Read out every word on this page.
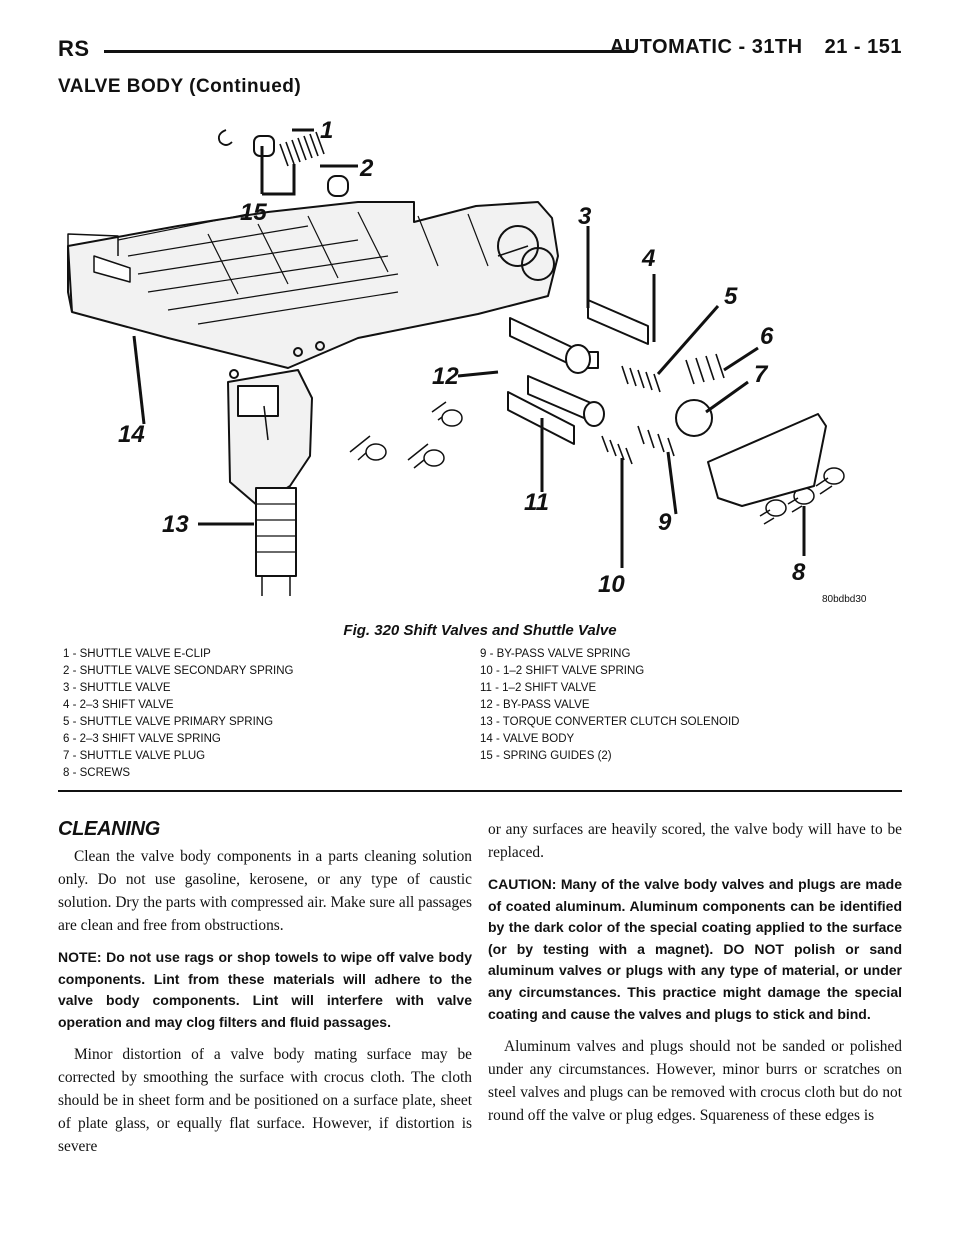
RS	AUTOMATIC - 31TH 21 - 151
VALVE BODY (Continued)
1
2
3
4
5
6
7
8
9
10
11
12
13
14
15
80bdbd30
Fig. 320 Shift Valves and Shuttle Valve
1 - SHUTTLE VALVE E-CLIP
2 - SHUTTLE VALVE SECONDARY SPRING
3 - SHUTTLE VALVE
4 - 2–3 SHIFT VALVE
5 - SHUTTLE VALVE PRIMARY SPRING
6 - 2–3 SHIFT VALVE SPRING
7 - SHUTTLE VALVE PLUG
8 - SCREWS
9 - BY-PASS VALVE SPRING
10 - 1–2 SHIFT VALVE SPRING
11 - 1–2 SHIFT VALVE
12 - BY-PASS VALVE
13 - TORQUE CONVERTER CLUTCH SOLENOID
14 - VALVE BODY
15 - SPRING GUIDES (2)
CLEANING

Clean the valve body components in a parts cleaning solution only. Do not use gasoline, kerosene, or any type of caustic solution. Dry the parts with compressed air. Make sure all passages are clean and free from obstructions.

NOTE: Do not use rags or shop towels to wipe off valve body components. Lint from these materials will adhere to the valve body components. Lint will interfere with valve operation and may clog filters and fluid passages.

Minor distortion of a valve body mating surface may be corrected by smoothing the surface with crocus cloth. The cloth should be in sheet form and be positioned on a surface plate, sheet of plate glass, or equally flat surface. However, if distortion is severe

or any surfaces are heavily scored, the valve body will have to be replaced.

CAUTION: Many of the valve body valves and plugs are made of coated aluminum. Aluminum components can be identified by the dark color of the special coating applied to the surface (or by testing with a magnet). DO NOT polish or sand aluminum valves or plugs with any type of material, or under any circumstances. This practice might damage the special coating and cause the valves and plugs to stick and bind.

Aluminum valves and plugs should not be sanded or polished under any circumstances. However, minor burrs or scratches on steel valves and plugs can be removed with crocus cloth but do not round off the valve or plug edges. Squareness of these edges is
